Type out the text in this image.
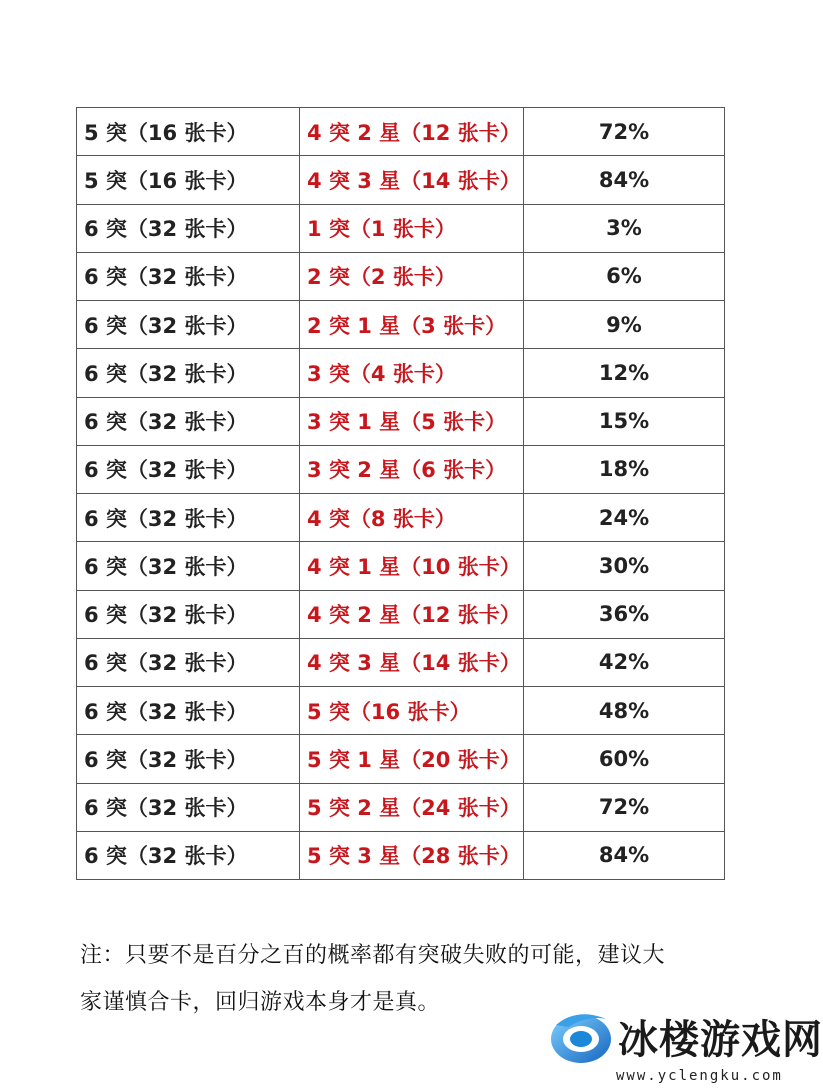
5 突（16 张卡）	4 突 2 星（12 张卡）	72%
5 突（16 张卡）	4 突 3 星（14 张卡）	84%
6 突（32 张卡）	1 突（1 张卡）	3%
6 突（32 张卡）	2 突（2 张卡）	6%
6 突（32 张卡）	2 突 1 星（3 张卡）	9%
6 突（32 张卡）	3 突（4 张卡）	12%
6 突（32 张卡）	3 突 1 星（5 张卡）	15%
6 突（32 张卡）	3 突 2 星（6 张卡）	18%
6 突（32 张卡）	4 突（8 张卡）	24%
6 突（32 张卡）	4 突 1 星（10 张卡）	30%
6 突（32 张卡）	4 突 2 星（12 张卡）	36%
6 突（32 张卡）	4 突 3 星（14 张卡）	42%
6 突（32 张卡）	5 突（16 张卡）	48%
6 突（32 张卡）	5 突 1 星（20 张卡）	60%
6 突（32 张卡）	5 突 2 星（24 张卡）	72%
6 突（32 张卡）	5 突 3 星（28 张卡）	84%
注：只要不是百分之百的概率都有突破失败的可能，建议大
家谨慎合卡，回归游戏本身才是真。
冰楼游戏网
www.yclengku.com
